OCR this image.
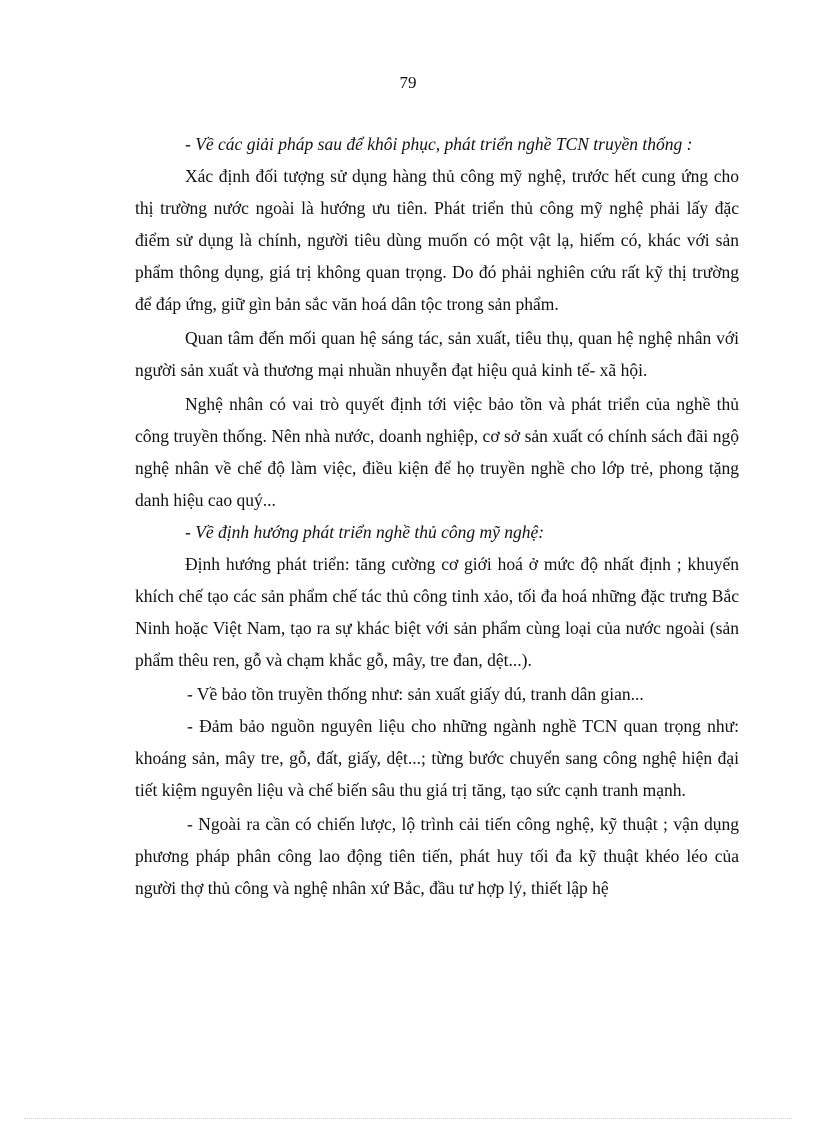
79

- Về các giải pháp sau để khôi phục, phát triển nghề TCN truyền thống :

Xác định đối tượng sử dụng hàng thủ công mỹ nghệ, trước hết cung ứng cho thị trường nước ngoài là hướng ưu tiên. Phát triển thủ công mỹ nghệ phải lấy đặc điểm sử dụng là chính, người tiêu dùng muốn có một vật lạ, hiếm có, khác với sản phẩm thông dụng, giá trị không quan trọng. Do đó phải nghiên cứu rất kỹ thị trường để đáp ứng, giữ gìn bản sắc văn hoá dân tộc trong sản phẩm.

Quan tâm đến mối quan hệ sáng tác, sản xuất, tiêu thụ, quan hệ nghệ nhân với người sản xuất và thương mại nhuần nhuyễn đạt hiệu quả kinh tế- xã hội.

Nghệ nhân có vai trò quyết định tới việc bảo tồn và phát triển của nghề thủ công truyền thống. Nên nhà nước, doanh nghiệp, cơ sở sản xuất có chính sách đãi ngộ nghệ nhân về chế độ làm việc, điều kiện để họ truyền nghề cho lớp trẻ, phong tặng danh hiệu cao quý...

- Về định hướng phát triển nghề thủ công mỹ nghệ:

Định hướng phát triển: tăng cường cơ giới hoá ở mức độ nhất định ; khuyến khích chế tạo các sản phẩm chế tác thủ công tinh xảo, tối đa hoá những đặc trưng Bắc Ninh hoặc Việt Nam, tạo ra sự khác biệt với sản phẩm cùng loại của nước ngoài (sản phẩm thêu ren, gỗ và chạm khắc gỗ, mây, tre đan, dệt...).

- Về bảo tồn truyền thống như: sản xuất giấy dú, tranh dân gian...

- Đảm bảo nguồn nguyên liệu cho những ngành nghề TCN quan trọng như: khoáng sản, mây tre, gỗ, đất, giấy, dệt...; từng bước chuyển sang công nghệ hiện đại tiết kiệm nguyên liệu và chế biến sâu thu giá trị tăng, tạo sức cạnh tranh mạnh.

- Ngoài ra cần có chiến lược, lộ trình cải tiến công nghệ, kỹ thuật ; vận dụng phương pháp phân công lao động tiên tiến, phát huy tối đa kỹ thuật khéo léo của người thợ thủ công và nghệ nhân xứ Bắc, đầu tư hợp lý, thiết lập hệ
